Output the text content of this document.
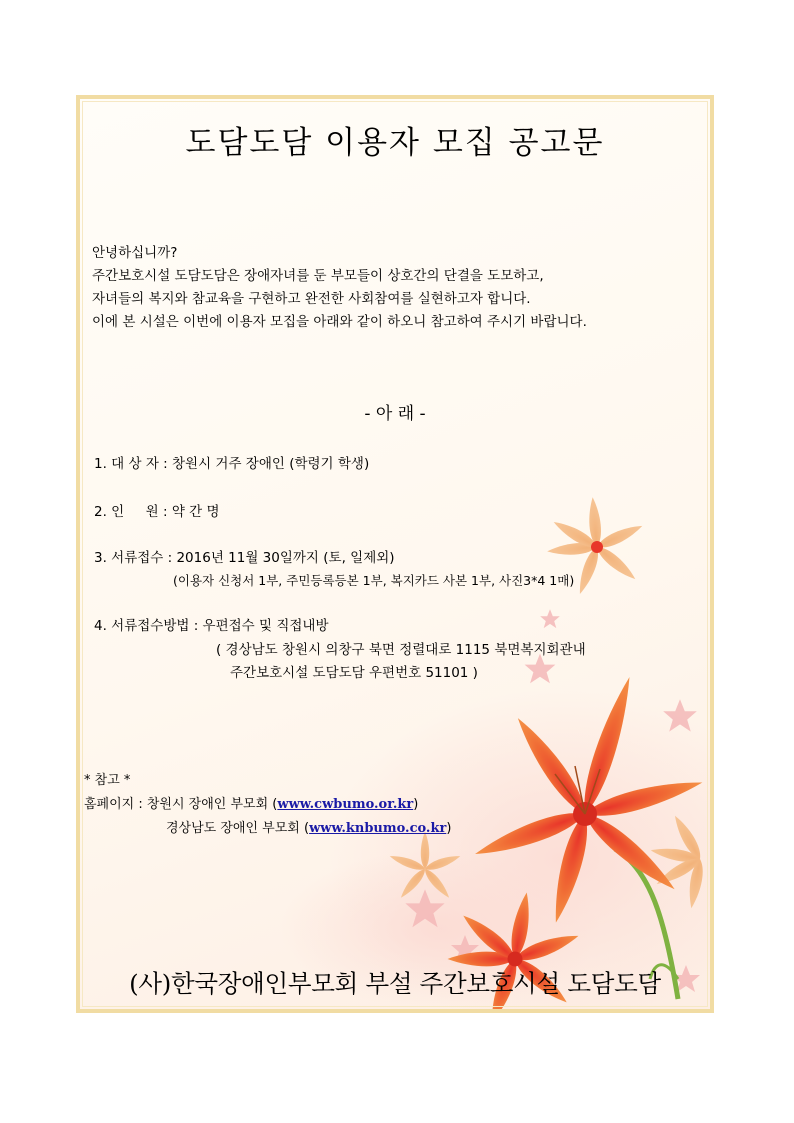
도담도담 이용자 모집 공고문
안녕하십니까?
주간보호시설 도담도담은 장애자녀를 둔 부모들이 상호간의 단결을 도모하고,
자녀들의 복지와 참교육을 구현하고 완전한 사회참여를 실현하고자 합니다.
이에 본 시설은 이번에 이용자 모집을 아래와 같이 하오니 참고하여 주시기 바랍니다.
- 아 래 -
1. 대 상 자 : 창원시 거주 장애인 (학령기 학생)
2. 인     원 : 약 간 명
3. 서류접수 : 2016년 11월 30일까지 (토, 일제외)
(이용자 신청서 1부, 주민등록등본 1부, 복지카드 사본 1부, 사진3*4 1매)
4. 서류접수방법 : 우편접수 및 직접내방
( 경상남도 창원시 의창구 북면 정렬대로 1115 북면복지회관내
주간보호시설 도담도담 우편번호 51101 )
* 참고 *
홈페이지 : 창원시 장애인 부모회 (www.cwbumo.or.kr)
경상남도 장애인 부모회 (www.knbumo.co.kr)
(사)한국장애인부모회 부설 주간보호시설 도담도담
